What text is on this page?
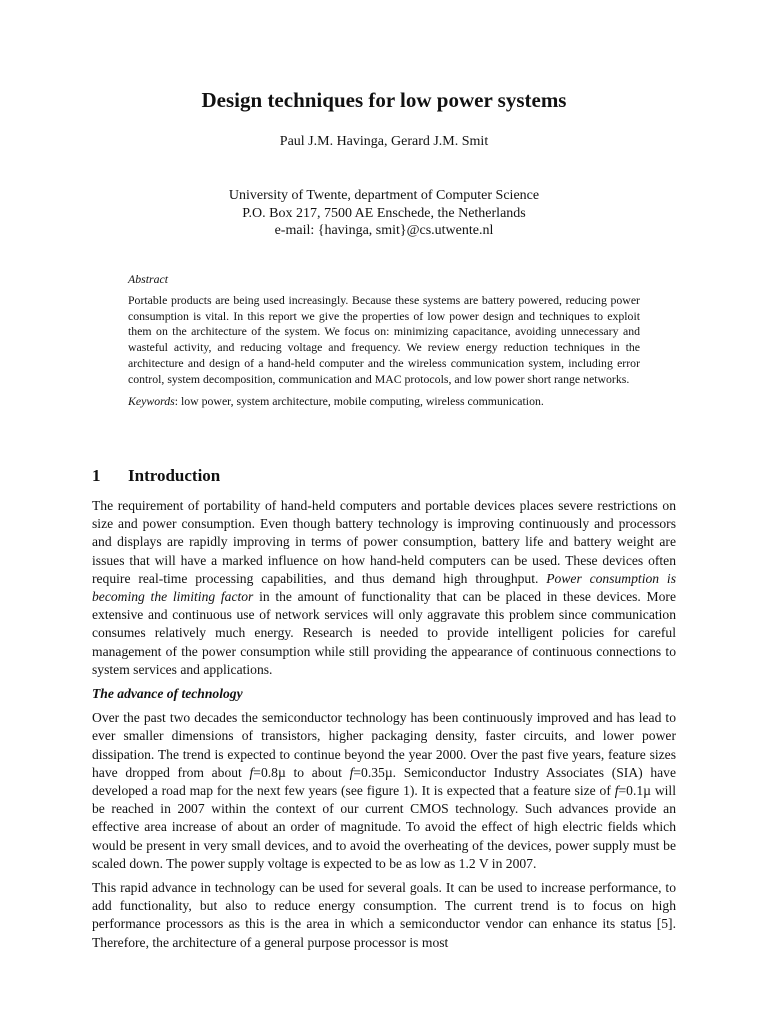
Design techniques for low power systems

Paul J.M. Havinga, Gerard J.M. Smit

University of Twente, department of Computer Science
P.O. Box 217, 7500 AE Enschede, the Netherlands
e-mail: {havinga, smit}@cs.utwente.nl

Abstract

Portable products are being used increasingly. Because these systems are battery powered, reducing power consumption is vital. In this report we give the properties of low power design and techniques to exploit them on the architecture of the system. We focus on: minimizing capacitance, avoiding unnecessary and wasteful activity, and reducing voltage and frequency. We review energy reduction techniques in the architecture and design of a hand-held computer and the wireless communication system, including error control, system decomposition, communication and MAC protocols, and low power short range networks.

Keywords: low power, system architecture, mobile computing, wireless communication.

1 Introduction

The requirement of portability of hand-held computers and portable devices places severe restrictions on size and power consumption. Even though battery technology is improving continuously and processors and displays are rapidly improving in terms of power consumption, battery life and battery weight are issues that will have a marked influence on how hand-held computers can be used. These devices often require real-time processing capabilities, and thus demand high throughput. Power consumption is becoming the limiting factor in the amount of functionality that can be placed in these devices. More extensive and continuous use of network services will only aggravate this problem since communication consumes relatively much energy. Research is needed to provide intelligent policies for careful management of the power consumption while still providing the appearance of continuous connections to system services and applications.

The advance of technology

Over the past two decades the semiconductor technology has been continuously improved and has lead to ever smaller dimensions of transistors, higher packaging density, faster circuits, and lower power dissipation. The trend is expected to continue beyond the year 2000. Over the past five years, feature sizes have dropped from about f=0.8µ to about f=0.35µ. Semiconductor Industry Associates (SIA) have developed a road map for the next few years (see figure 1). It is expected that a feature size of f=0.1µ will be reached in 2007 within the context of our current CMOS technology. Such advances provide an effective area increase of about an order of magnitude. To avoid the effect of high electric fields which would be present in very small devices, and to avoid the overheating of the devices, power supply must be scaled down. The power supply voltage is expected to be as low as 1.2 V in 2007.

This rapid advance in technology can be used for several goals. It can be used to increase performance, to add functionality, but also to reduce energy consumption. The current trend is to focus on high performance processors as this is the area in which a semiconductor vendor can enhance its status [5]. Therefore, the architecture of a general purpose processor is most
